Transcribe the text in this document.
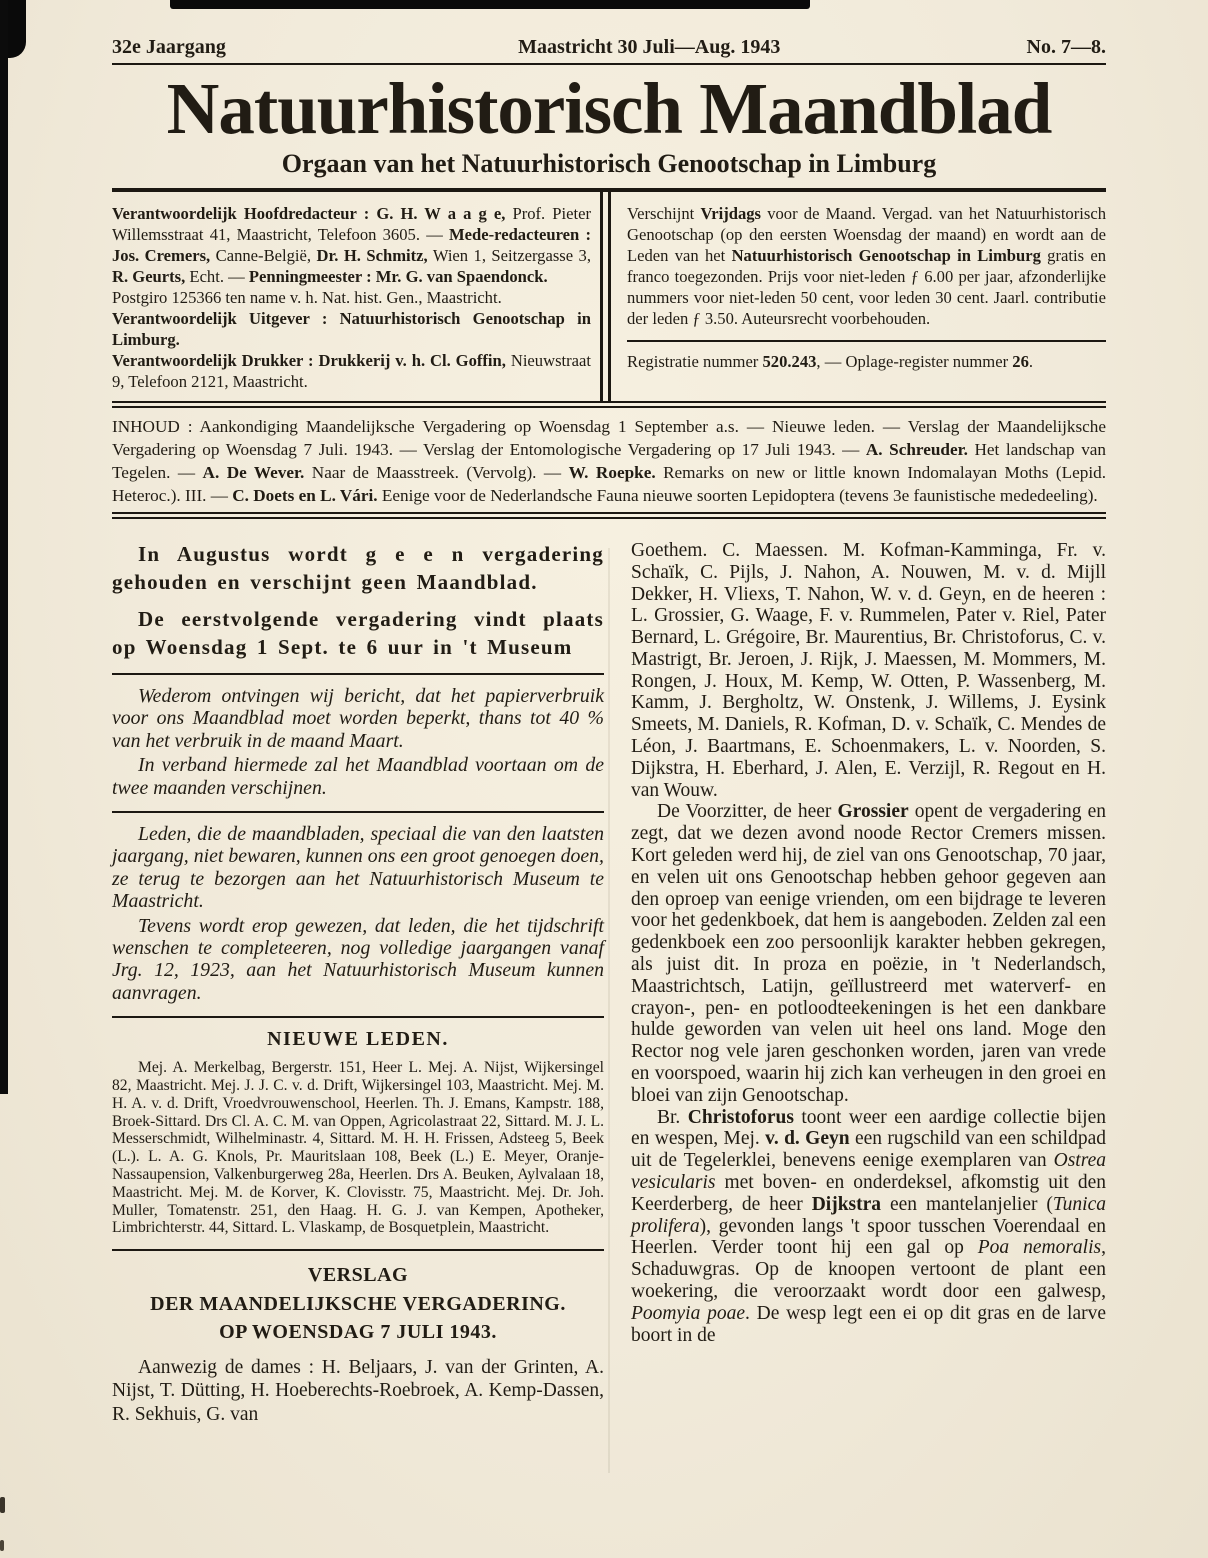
32e Jaargang	Maastricht 30 Juli—Aug. 1943	No. 7—8.
Natuurhistorisch Maandblad
Orgaan van het Natuurhistorisch Genootschap in Limburg
Verantwoordelijk Hoofdredacteur : G. H. W a a g e, Prof. Pieter Willemsstraat 41, Maastricht, Telefoon 3605. — Mede-redacteuren : Jos. Cremers, Canne-België, Dr. H. Schmitz, Wien 1, Seitzergasse 3, R. Geurts, Echt. — Penningmeester : Mr. G. van Spaendonck.
Postgiro 125366 ten name v. h. Nat. hist. Gen., Maastricht.
Verantwoordelijk Uitgever : Natuurhistorisch Genootschap in Limburg.
Verantwoordelijk Drukker : Drukkerij v. h. Cl. Goffin, Nieuwstraat 9, Telefoon 2121, Maastricht.
Verschijnt Vrijdags voor de Maand. Vergad. van het Natuurhistorisch Genootschap (op den eersten Woensdag der maand) en wordt aan de Leden van het Natuurhistorisch Genootschap in Limburg gratis en franco toegezonden. Prijs voor niet-leden ƒ 6.00 per jaar, afzonderlijke nummers voor niet-leden 50 cent, voor leden 30 cent. Jaarl. contributie der leden ƒ 3.50. Auteursrecht voorbehouden.
Registratie nummer 520.243, — Oplage-register nummer 26.
INHOUD : Aankondiging Maandelijksche Vergadering op Woensdag 1 September a.s. — Nieuwe leden. — Verslag der Maandelijksche Vergadering op Woensdag 7 Juli. 1943. — Verslag der Entomologische Vergadering op 17 Juli 1943. — A. Schreuder. Het landschap van Tegelen. — A. De Wever. Naar de Maasstreek. (Vervolg). — W. Roepke. Remarks on new or little known Indomalayan Moths (Lepid. Heteroc.). III. — C. Doets en L. Vári. Eenige voor de Nederlandsche Fauna nieuwe soorten Lepidoptera (tevens 3e faunistische mededeeling).

In Augustus wordt g e e n vergadering gehouden en verschijnt geen Maandblad.

De eerstvolgende vergadering vindt plaats op Woensdag 1 Sept. te 6 uur in 't Museum

Wederom ontvingen wij bericht, dat het papierverbruik voor ons Maandblad moet worden beperkt, thans tot 40 % van het verbruik in de maand Maart.

In verband hiermede zal het Maandblad voortaan om de twee maanden verschijnen.

Leden, die de maandbladen, speciaal die van den laatsten jaargang, niet bewaren, kunnen ons een groot genoegen doen, ze terug te bezorgen aan het Natuurhistorisch Museum te Maastricht.

Tevens wordt erop gewezen, dat leden, die het tijdschrift wenschen te completeeren, nog volledige jaargangen vanaf Jrg. 12, 1923, aan het Natuurhistorisch Museum kunnen aanvragen.

NIEUWE LEDEN.

Mej. A. Merkelbag, Bergerstr. 151, Heer L. Mej. A. Nijst, Wijkersingel 82, Maastricht. Mej. J. J. C. v. d. Drift, Wijkersingel 103, Maastricht. Mej. M. H. A. v. d. Drift, Vroedvrouwenschool, Heerlen. Th. J. Emans, Kampstr. 188, Broek-Sittard. Drs Cl. A. C. M. van Oppen, Agricolastraat 22, Sittard. M. J. L. Messerschmidt, Wilhelminastr. 4, Sittard. M. H. H. Frissen, Adsteeg 5, Beek (L.). L. A. G. Knols, Pr. Mauritslaan 108, Beek (L.) E. Meyer, Oranje-Nassaupension, Valkenburgerweg 28a, Heerlen. Drs A. Beuken, Aylvalaan 18, Maastricht. Mej. M. de Korver, K. Clovisstr. 75, Maastricht. Mej. Dr. Joh. Muller, Tomatenstr. 251, den Haag. H. G. J. van Kempen, Apotheker, Limbrichterstr. 44, Sittard. L. Vlaskamp, de Bosquetplein, Maastricht.

VERSLAG
DER MAANDELIJKSCHE VERGADERING.
OP WOENSDAG 7 JULI 1943.

Aanwezig de dames : H. Beljaars, J. van der Grinten, A. Nijst, T. Dütting, H. Hoeberechts-Roebroek, A. Kemp-Dassen, R. Sekhuis, G. van

Goethem. C. Maessen. M. Kofman-Kamminga, Fr. v. Schaïk, C. Pijls, J. Nahon, A. Nouwen, M. v. d. Mijll Dekker, H. Vliexs, T. Nahon, W. v. d. Geyn, en de heeren : L. Grossier, G. Waage, F. v. Rummelen, Pater v. Riel, Pater Bernard, L. Grégoire, Br. Maurentius, Br. Christoforus, C. v. Mastrigt, Br. Jeroen, J. Rijk, J. Maessen, M. Mommers, M. Rongen, J. Houx, M. Kemp, W. Otten, P. Wassenberg, M. Kamm, J. Bergholtz, W. Onstenk, J. Willems, J. Eysink Smeets, M. Daniels, R. Kofman, D. v. Schaïk, C. Mendes de Léon, J. Baartmans, E. Schoenmakers, L. v. Noorden, S. Dijkstra, H. Eberhard, J. Alen, E. Verzijl, R. Regout en H. van Wouw.

De Voorzitter, de heer Grossier opent de vergadering en zegt, dat we dezen avond noode Rector Cremers missen. Kort geleden werd hij, de ziel van ons Genootschap, 70 jaar, en velen uit ons Genootschap hebben gehoor gegeven aan den oproep van eenige vrienden, om een bijdrage te leveren voor het gedenkboek, dat hem is aangeboden. Zelden zal een gedenkboek een zoo persoonlijk karakter hebben gekregen, als juist dit. In proza en poëzie, in 't Nederlandsch, Maastrichtsch, Latijn, geïllustreerd met waterverf- en crayon-, pen- en potloodteekeningen is het een dankbare hulde geworden van velen uit heel ons land. Moge den Rector nog vele jaren geschonken worden, jaren van vrede en voorspoed, waarin hij zich kan verheugen in den groei en bloei van zijn Genootschap.

Br. Christoforus toont weer een aardige collectie bijen en wespen, Mej. v. d. Geyn een rugschild van een schildpad uit de Tegelerklei, benevens eenige exemplaren van Ostrea vesicularis met boven- en onderdeksel, afkomstig uit den Keerderberg, de heer Dijkstra een mantelanjelier (Tunica prolifera), gevonden langs 't spoor tusschen Voerendaal en Heerlen. Verder toont hij een gal op Poa nemoralis, Schaduwgras. Op de knoopen vertoont de plant een woekering, die veroorzaakt wordt door een galwesp, Poomyia poae. De wesp legt een ei op dit gras en de larve boort in de
